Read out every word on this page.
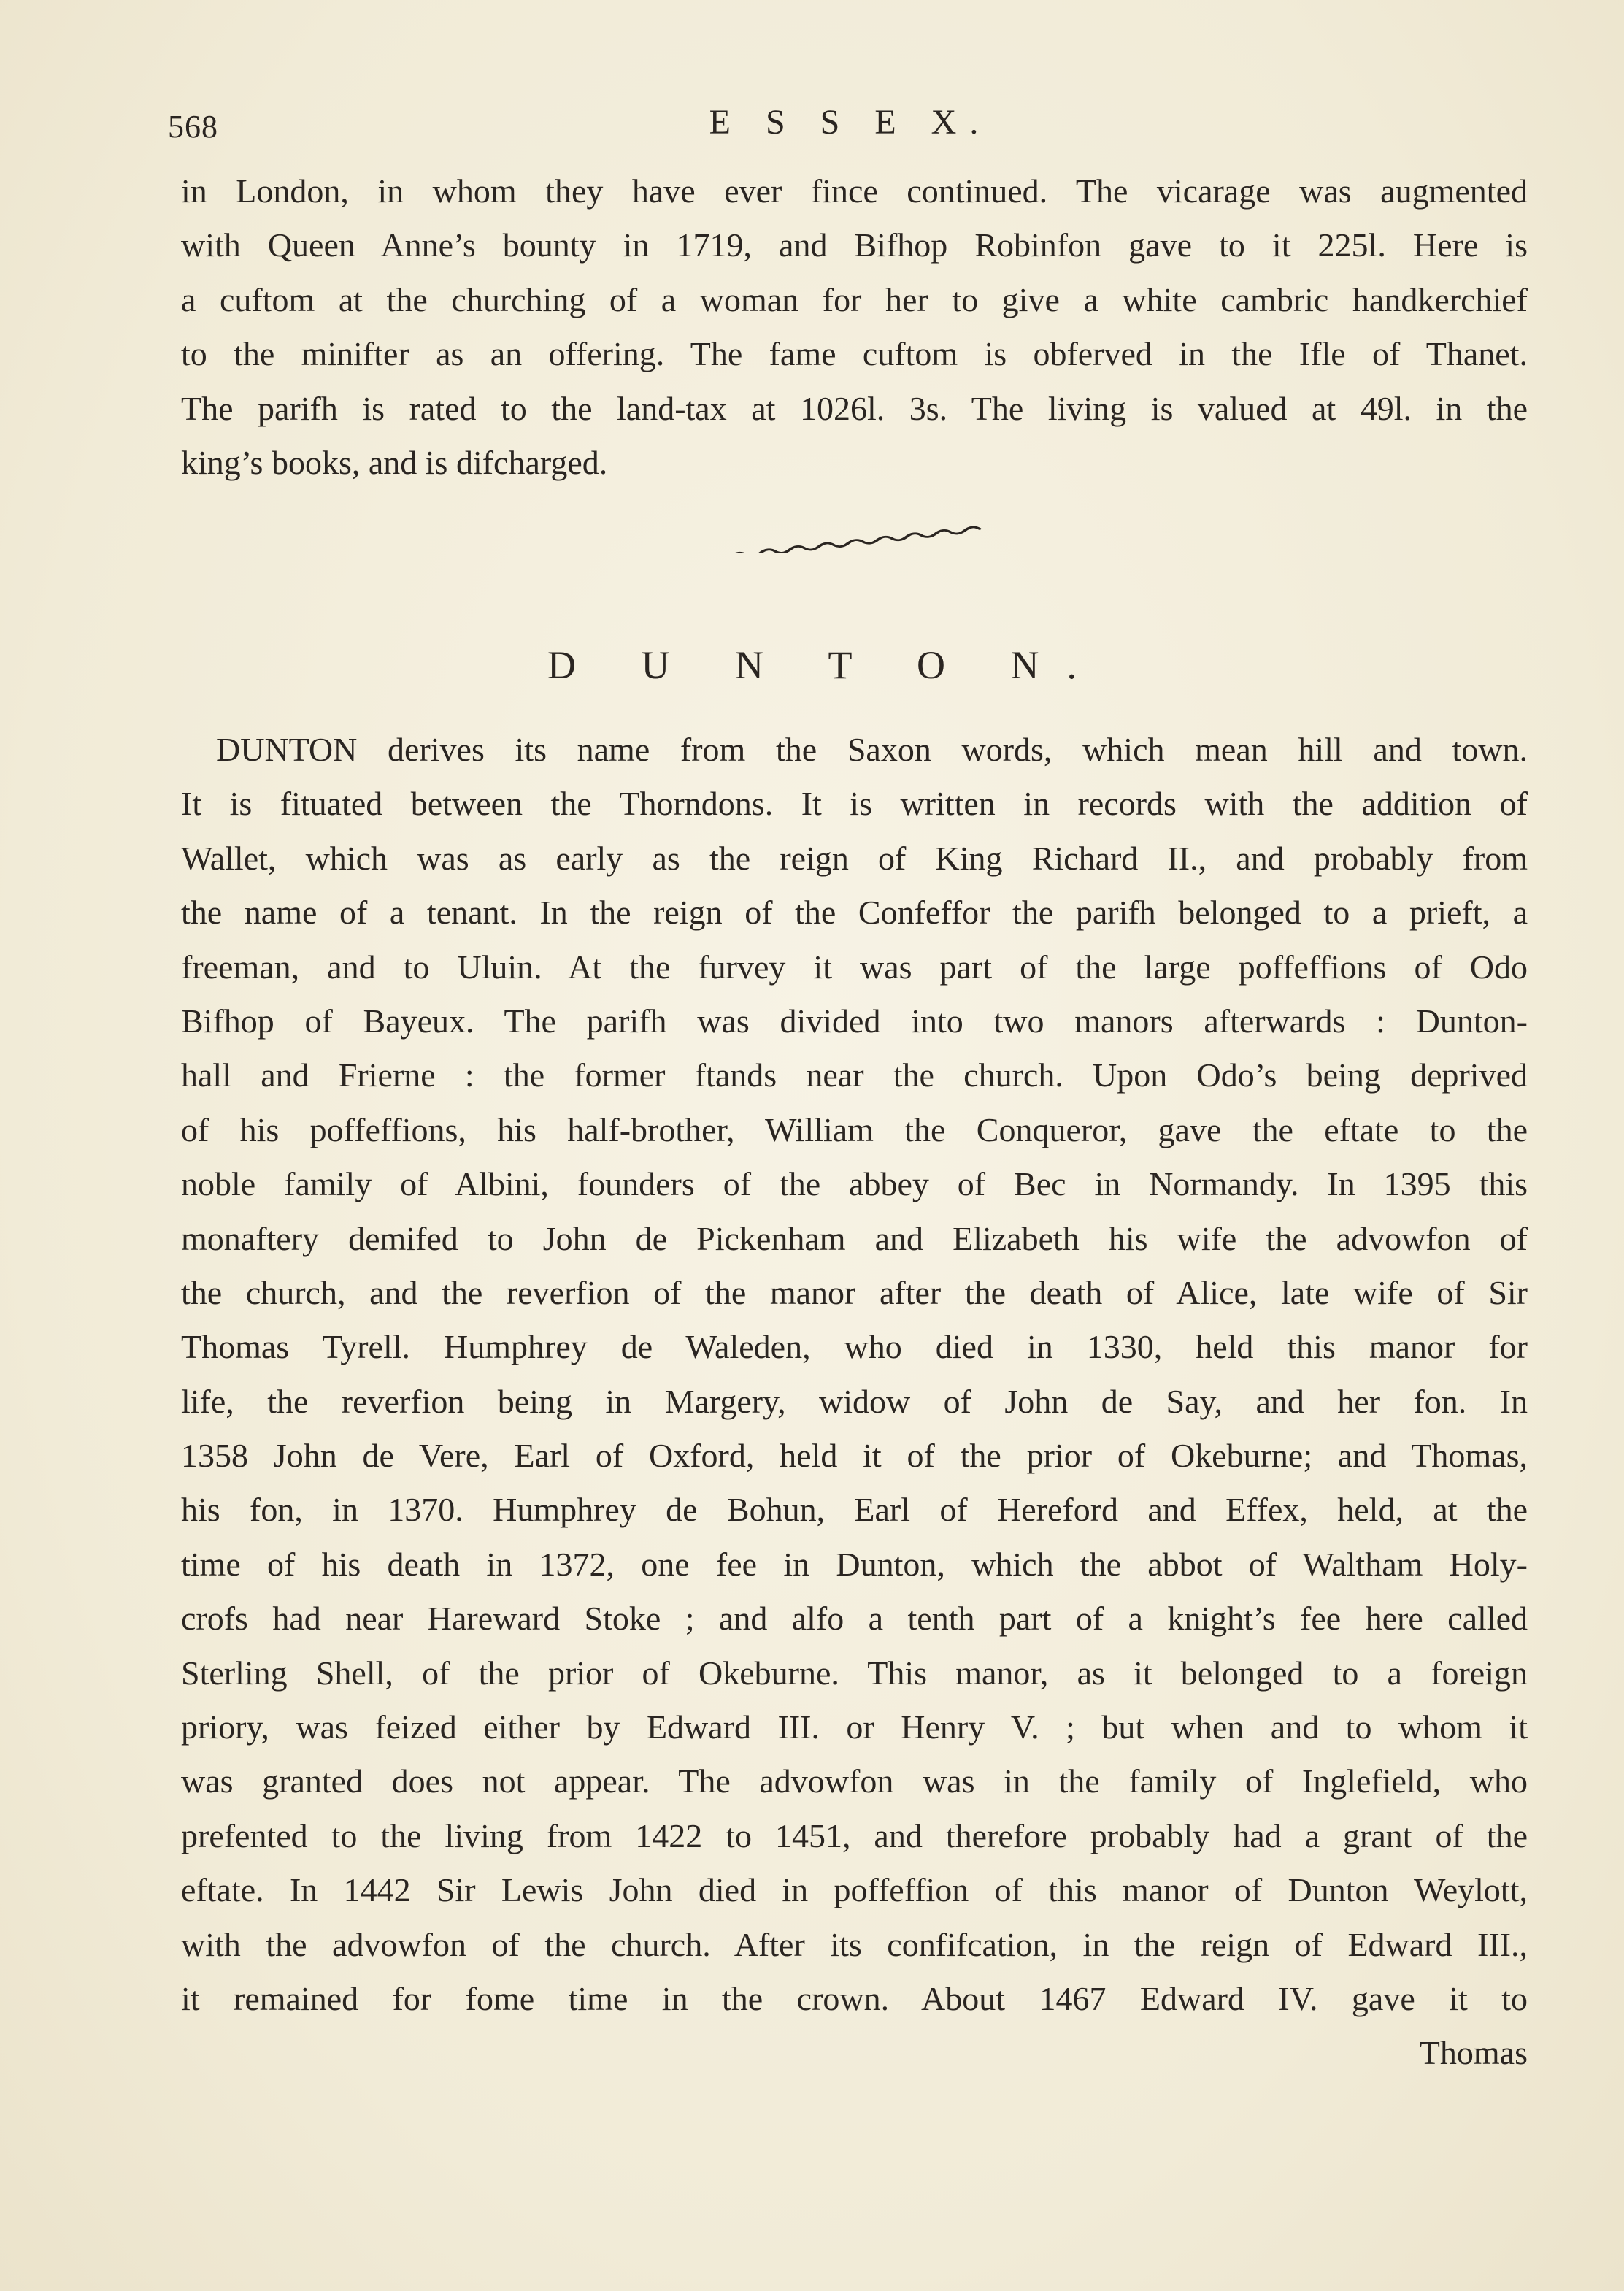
568	E S S E X.
in London, in whom they have ever fince continued. The vicarage was augmented
with Queen Anne’s bounty in 1719, and Bifhop Robinfon gave to it 225l. Here is
a cuftom at the churching of a woman for her to give a white cambric handkerchief
to the minifter as an offering. The fame cuftom is obferved in the Ifle of Thanet.
The parifh is rated to the land-tax at 1026l. 3s. The living is valued at 49l. in the
king’s books, and is difcharged.
D U N T O N.
DUNTON derives its name from the Saxon words, which mean hill and town.
It is fituated between the Thorndons. It is written in records with the addition of
Wallet, which was as early as the reign of King Richard II., and probably from
the name of a tenant. In the reign of the Confeffor the parifh belonged to a prieft, a
freeman, and to Uluin. At the furvey it was part of the large poffeffions of Odo
Bifhop of Bayeux. The parifh was divided into two manors afterwards : Dunton-
hall and Frierne : the former ftands near the church. Upon Odo’s being deprived
of his poffeffions, his half-brother, William the Conqueror, gave the eftate to the
noble family of Albini, founders of the abbey of Bec in Normandy. In 1395 this
monaftery demifed to John de Pickenham and Elizabeth his wife the advowfon of
the church, and the reverfion of the manor after the death of Alice, late wife of Sir
Thomas Tyrell. Humphrey de Waleden, who died in 1330, held this manor for
life, the reverfion being in Margery, widow of John de Say, and her fon. In
1358 John de Vere, Earl of Oxford, held it of the prior of Okeburne; and Thomas,
his fon, in 1370. Humphrey de Bohun, Earl of Hereford and Effex, held, at the
time of his death in 1372, one fee in Dunton, which the abbot of Waltham Holy-
crofs had near Hareward Stoke ; and alfo a tenth part of a knight’s fee here called
Sterling Shell, of the prior of Okeburne. This manor, as it belonged to a foreign
priory, was feized either by Edward III. or Henry V. ; but when and to whom it
was granted does not appear. The advowfon was in the family of Inglefield, who
prefented to the living from 1422 to 1451, and therefore probably had a grant of the
eftate. In 1442 Sir Lewis John died in poffeffion of this manor of Dunton Weylott,
with the advowfon of the church. After its confifcation, in the reign of Edward III.,
it remained for fome time in the crown. About 1467 Edward IV. gave it to
Thomas
